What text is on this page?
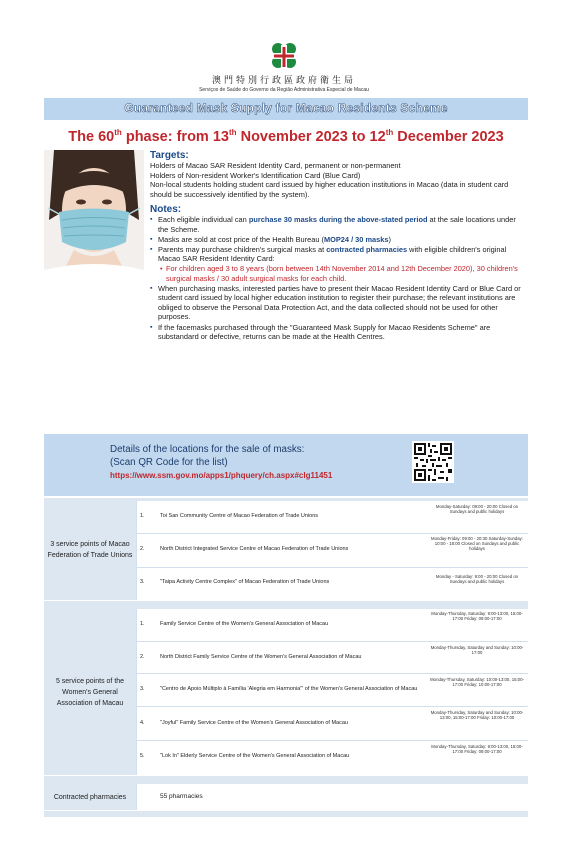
澳門特別行政區政府衛生局
Serviços de Saúde do Governo da Região Administrativa Especial de Macau
Guaranteed Mask Supply for Macao Residents Scheme
The 60th phase: from 13th November 2023 to 12th December 2023
Targets:
Holders of Macao SAR Resident Identity Card, permanent or non-permanent
Holders of Non-resident Worker's Identification Card (Blue Card)
Non-local students holding student card issued by higher education institutions in Macao (data in student card should be successively identified by the system).
Notes:
▪ Each eligible individual can purchase 30 masks during the above-stated period at the sale locations under the Scheme.
▪ Masks are sold at cost price of the Health Bureau (MOP24 / 30 masks)
▪ Parents may purchase children's surgical masks at contracted pharmacies with eligible children's original Macao SAR Resident Identity Card:
• For children aged 3 to 8 years (born between 14th November 2014 and 12th December 2020), 30 children's surgical masks / 30 adult surgical masks for each child.
▪ When purchasing masks, interested parties have to present their Macao Resident Identity Card or Blue Card or student card issued by local higher education institution to register their purchase; the relevant institutions are obliged to observe the Personal Data Protection Act, and the data collected should not be used for other purposes.
▪ If the facemasks purchased through the "Guaranteed Mask Supply for Macao Residents Scheme" are substandard or defective, returns can be made at the Health Centres.
Details of the locations for the sale of masks:
(Scan QR Code for the list)
https://www.ssm.gov.mo/apps1/phquery/ch.aspx#clg11451
3 service points of Macao Federation of Trade Unions
1.	Toi San Community Centre of Macao Federation of Trade Unions
Monday-Saturday: 09:00 - 20:00 Closed on Sundays and public holidays
2.	North District Integrated Service Centre of Macao Federation of Trade Unions
Monday-Friday: 09:00 - 20:30 Saturday-Sunday: 10:00 - 18:00 Closed on Sundays and public holidays
3.	"Taipa Activity Centre Complex" of Macao Federation of Trade Unions
Monday - Saturday: 9:00 - 20:00 Closed on Sundays and public holidays
5 service points of the Women's General Association of Macau
1.	Family Service Centre of the Women's General Association of Macau
Monday-Thursday, Saturday: 9:00-13:00, 15:00-17:00 Friday: 09:00-17:00
2.	North District Family Service Centre of the Women's General Association of Macau
Monday-Thursday, Saturday and Sunday: 10:00-17:00
3.	"Centro de Apoio Múltiplo à Família 'Alegria em Harmonia'" of the Women's General Association of Macau
Monday-Thursday, Saturday: 10:00-13:00, 15:00-17:00 Friday: 10:00-17:00
4.	"Joyful" Family Service Centre of the Women's General Association of Macau
Monday-Thursday, Saturday and Sunday: 10:00-13:00, 15:00-17:00 Friday: 10:00-17:00
5.	"Lok In" Elderly Service Centre of the Women's General Association of Macau
Monday-Thursday, Saturday: 9:00-13:00, 15:00-17:00 Friday: 09:00-17:00
Contracted pharmacies	55 pharmacies
